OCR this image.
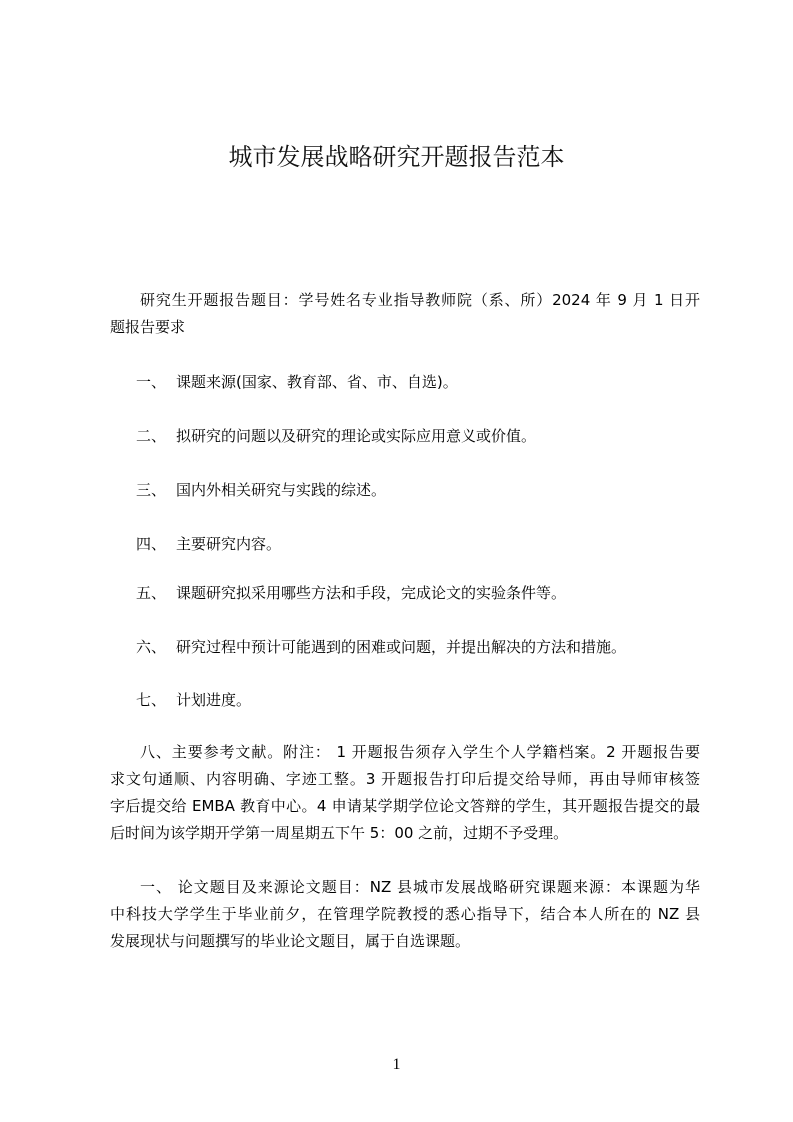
城市发展战略研究开题报告范本
研究生开题报告题目：学号姓名专业指导教师院（系、所）2024 年 9 月 1 日开
题报告要求
一、 课题来源(国家、教育部、省、市、自选)。
二、 拟研究的问题以及研究的理论或实际应用意义或价值。
三、 国内外相关研究与实践的综述。
四、 主要研究内容。
五、 课题研究拟采用哪些方法和手段，完成论文的实验条件等。
六、 研究过程中预计可能遇到的困难或问题，并提出解决的方法和措施。
七、 计划进度。
八、主要参考文献。附注： 1 开题报告须存入学生个人学籍档案。2 开题报告要
求文句通顺、内容明确、字迹工整。3 开题报告打印后提交给导师，再由导师审核签
字后提交给 EMBA 教育中心。4 申请某学期学位论文答辩的学生，其开题报告提交的最
后时间为该学期开学第一周星期五下午 5：00 之前，过期不予受理。
一、 论文题目及来源论文题目：NZ 县城市发展战略研究课题来源：本课题为华
中科技大学学生于毕业前夕，在管理学院教授的悉心指导下，结合本人所在的 NZ 县
发展现状与问题撰写的毕业论文题目，属于自选课题。
1
